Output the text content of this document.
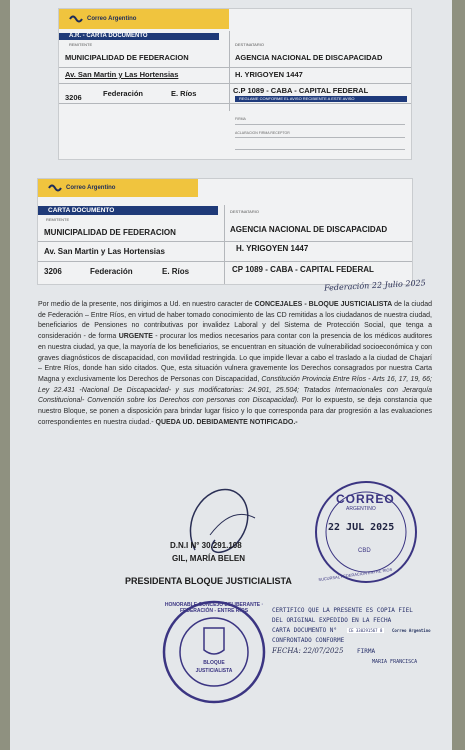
Correo Argentino
A.R. - CARTA DOCUMENTO
REMITENTE	DESTINATARIO
MUNICIPALIDAD DE FEDERACION
Av. San Martin y Las Hortensias
3206	Federación	E. Ríos
AGENCIA NACIONAL DE DISCAPACIDAD
H. YRIGOYEN 1447
C.P 1089 - CABA - CAPITAL FEDERAL
REGLAME CONFORME EL AVISO RECIBIENTE A ESTE AVISO
FIRMA
ACLARACION FIRMA RECEPTOR
Correo Argentino
CARTA DOCUMENTO
REMITENTE
DESTINATARIO
MUNICIPALIDAD DE FEDERACION
Av. San Martin y Las Hortensias
3206	Federación	E. Ríos
AGENCIA NACIONAL DE DISCAPACIDAD
H. YRIGOYEN 1447
CP 1089 - CABA - CAPITAL FEDERAL
Federación 22 Julio 2025
Por medio de la presente, nos dirigimos a Ud. en nuestro caracter de CONCEJALES - BLOQUE JUSTICIALISTA de la ciudad de Federación – Entre Ríos, en virtud de haber tomado conocimiento de las CD remitidas a los ciudadanos de nuestra ciudad, beneficiarios de Pensiones no contributivas por invalidez Laboral y del Sistema de Protección Social, que tenga a consideración - de forma URGENTE - procurar los medios necesarios para contar con la presencia de los médicos auditores en nuestra ciudad, ya que, la mayoría de los beneficiarios, se encuentran en situación de vulnerabilidad socioeconómica y con graves diagnósticos de discapacidad, con movilidad restringida. Lo que impide llevar a cabo el traslado a la ciudad de Chajarí – Entre Ríos, donde han sido citados. Que, esta situación vulnera gravemente los Derechos consagrados por nuestra Carta Magna y exclusivamente los Derechos de Personas con Discapacidad, Constitución Provincia Entre Ríos - Arts 16, 17, 19, 66; Ley 22.431 -Nacional De Discapacidad- y sus modificatorias: 24.901, 25.504; Tratados Internacionales con Jerarquía Constitucional- Convención sobre los Derechos con personas con Discapacidad). Por lo expuesto, se deja constancia que nuestro Bloque, se ponen a disposición para brindar lugar físico y lo que corresponda para dar progresión a las evaluaciones correspondientes en nuestra ciudad.- QUEDA UD. DEBIDAMENTE NOTIFICADO.-
D.N.I N° 30.291.108
GIL, MARÍA BELEN
PRESIDENTA BLOQUE JUSTICIALISTA
CORREO
ARGENTINO
22 JUL 2025
CBD
SUCURSAL FEDERACIÓN ENTRE RIOS
HONORABLE CONCEJO DELIBERANTE · FEDERACIÓN - ENTRE RÍOS
BLOQUE
JUSTICIALISTA
CERTIFICO QUE LA PRESENTE ES COPIA FIEL
DEL ORIGINAL EXPEDIDO EN LA FECHA
CARTA DOCUMENTO N°	CE 330291567 8 Correo Argentino
CONFRONTADO CONFORME
FECHA: 22/07/2025 FIRMA
MARIA FRANCISCA
